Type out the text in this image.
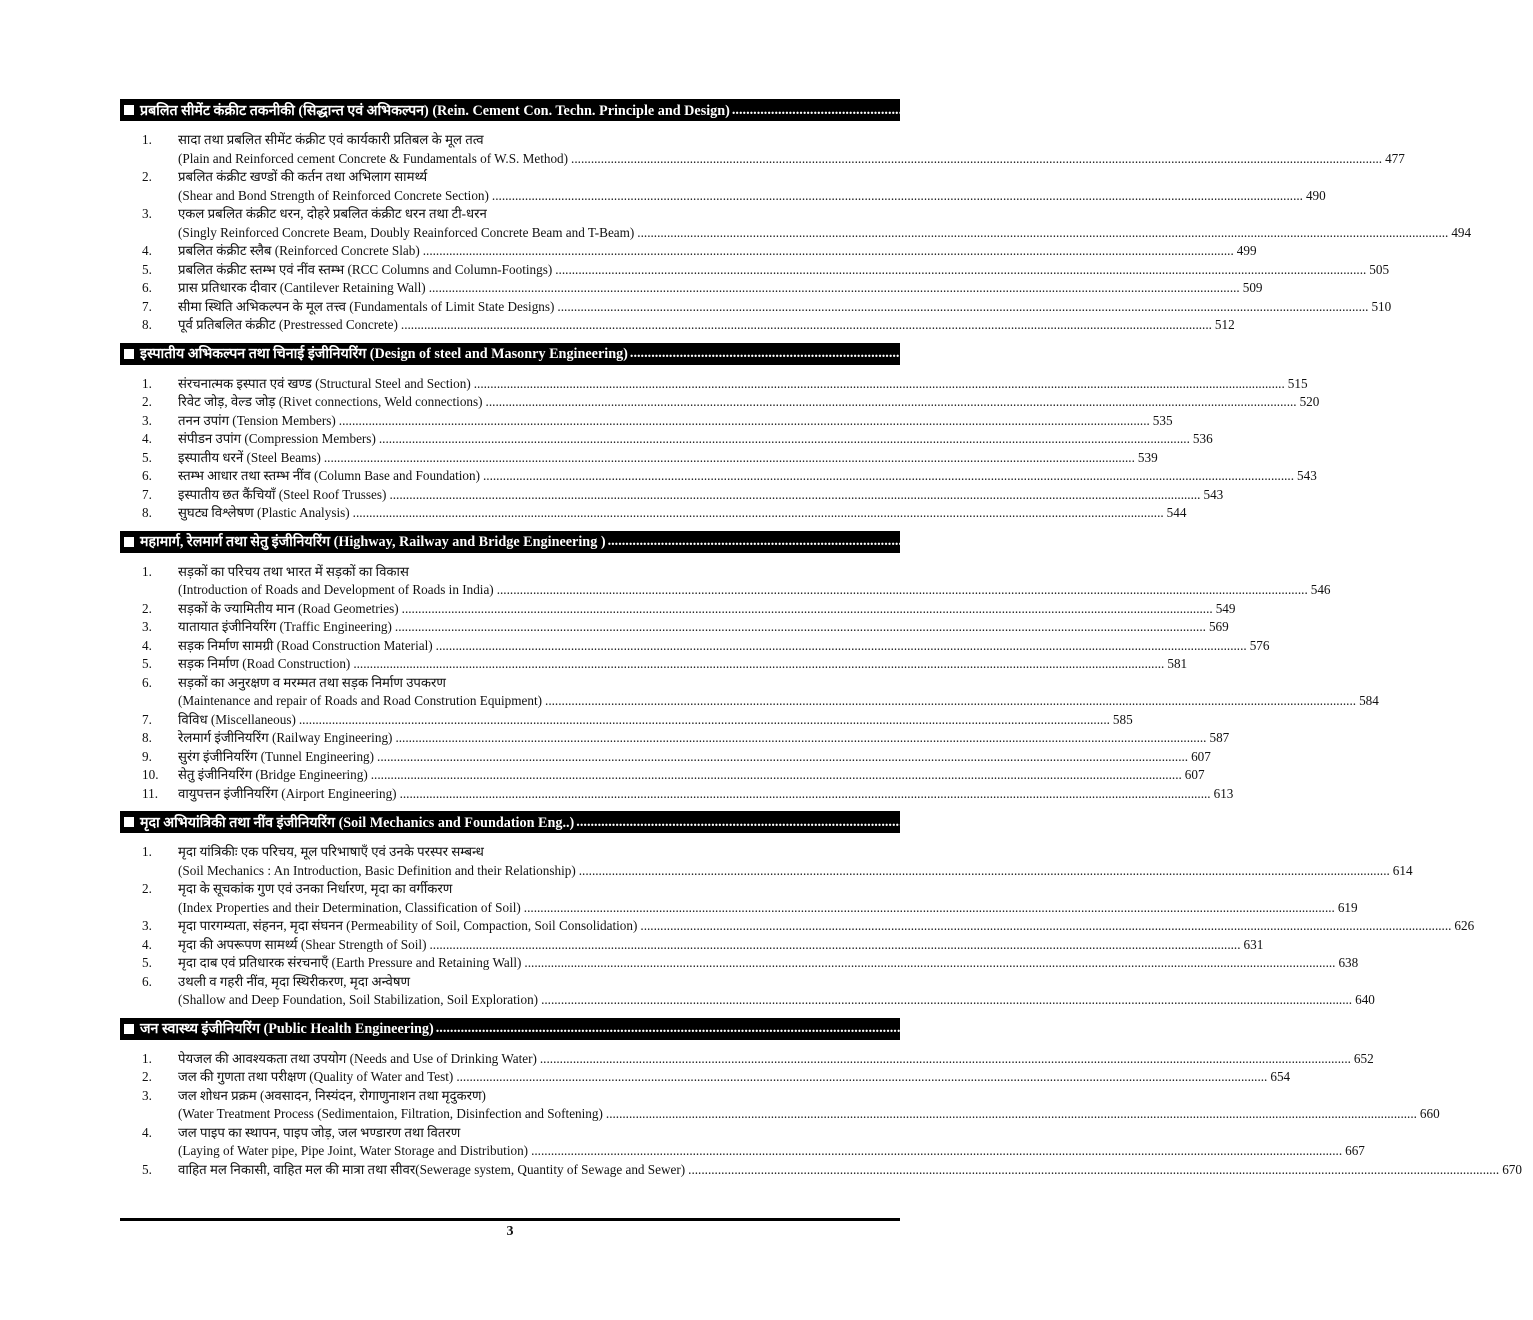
प्रबलित सीमेंट कंक्रीट तकनीकी (सिद्धान्त एवं अभिकल्पन) (Rein. Cement Con. Techn. Principle and Design) .....	477-514
1.	सादा तथा प्रबलित सीमेंट कंक्रीट एवं कार्यकारी प्रतिबल के मूल तत्व
(Plain and Reinforced cement Concrete & Fundamentals of W.S. Method) .....	477
2.	प्रबलित कंक्रीट खण्डों की कर्तन तथा अभिलाग सामर्थ्य
(Shear and Bond Strength of Reinforced Concrete Section) .....	490
3.	एकल प्रबलित कंक्रीट धरन, दोहरे प्रबलित कंक्रीट धरन तथा टी-धरन
(Singly Reinforced Concrete Beam, Doubly Reainforced Concrete Beam and T-Beam) .....	494
4.	प्रबलित कंक्रीट स्लैब (Reinforced Concrete Slab) .....	499
5.	प्रबलित कंक्रीट स्तम्भ एवं नींव स्तम्भ (RCC Columns and Column-Footings) .....	505
6.	प्रास प्रतिधारक दीवार (Cantilever Retaining Wall) .....	509
7.	सीमा स्थिति अभिकल्पन के मूल तत्त्व (Fundamentals of Limit State Designs) .....	510
8.	पूर्व प्रतिबलित कंक्रीट (Prestressed Concrete) .....	512
इस्पातीय अभिकल्पन तथा चिनाई इंजीनियरिंग (Design of steel and Masonry Engineering) .....	515-545
1.	संरचनात्मक इस्पात एवं खण्ड (Structural Steel and Section) .....	515
2.	रिवेट जोड़, वेल्ड जोड़ (Rivet connections, Weld connections) .....	520
3.	तनन उपांग (Tension Members) .....	535
4.	संपीडन उपांग (Compression Members) .....	536
5.	इस्पातीय धरनें (Steel Beams) .....	539
6.	स्तम्भ आधार तथा स्तम्भ नींव (Column Base and Foundation) .....	543
7.	इस्पातीय छत कैंचियाँ (Steel Roof Trusses) .....	543
8.	सुघट्य विश्लेषण (Plastic Analysis) .....	544
महामार्ग, रेलमार्ग तथा सेतु इंजीनियरिंग (Highway, Railway and Bridge Engineering ) .....	546-613
1.	सड़कों का परिचय तथा भारत में सड़कों का विकास
(Introduction of Roads and Development of Roads in India) .....	546
2.	सड़कों के ज्यामितीय मान (Road Geometries) .....	549
3.	यातायात इंजीनियरिंग (Traffic Engineering) .....	569
4.	सड़क निर्माण सामग्री (Road Construction Material) .....	576
5.	सड़क निर्माण (Road Construction) .....	581
6.	सड़कों का अनुरक्षण व मरम्मत तथा सड़क निर्माण उपकरण
(Maintenance and repair of Roads and Road Constrution Equipment) .....	584
7.	विविध (Miscellaneous) .....	585
8.	रेलमार्ग इंजीनियरिंग (Railway Engineering) .....	587
9.	सुरंग इंजीनियरिंग (Tunnel Engineering) .....	607
10.	सेतु इंजीनियरिंग (Bridge Engineering) .....	607
11.	वायुपत्तन इंजीनियरिंग (Airport Engineering) .....	613
मृदा अभियांत्रिकी तथा नींव इंजीनियरिंग (Soil Mechanics and Foundation Eng..) .....	614-651
1.	मृदा यांत्रिकीः एक परिचय, मूल परिभाषाएँ एवं उनके परस्पर सम्बन्ध
(Soil Mechanics : An Introduction, Basic Definition and their Relationship) .....	614
2.	मृदा के सूचकांक गुण एवं उनका निर्धारण, मृदा का वर्गीकरण
(Index Properties and their Determination, Classification of Soil) .....	619
3.	मृदा पारगम्यता, संहनन, मृदा संघनन (Permeability of Soil, Compaction, Soil Consolidation) .....	626
4.	मृदा की अपरूपण सामर्थ्य (Shear Strength of Soil) .....	631
5.	मृदा दाब एवं प्रतिधारक संरचनाएँ (Earth Pressure and Retaining Wall) .....	638
6.	उथली व गहरी नींव, मृदा स्थिरीकरण, मृदा अन्वेषण
(Shallow and Deep Foundation, Soil Stabilization, Soil Exploration) .....	640
जन स्वास्थ्य इंजीनियरिंग (Public Health Engineering) .....	652-699
1.	पेयजल की आवश्यकता तथा उपयोग (Needs and Use of Drinking Water) .....	652
2.	जल की गुणता तथा परीक्षण (Quality of Water and Test) .....	654
3.	जल शोधन प्रक्रम (अवसादन, निस्यंदन, रोगाणुनाशन तथा मृदुकरण)
(Water Treatment Process (Sedimentaion, Filtration, Disinfection and Softening) .....	660
4.	जल पाइप का स्थापन, पाइप जोड़, जल भण्डारण तथा वितरण
(Laying of Water pipe, Pipe Joint, Water Storage and Distribution) .....	667
5.	वाहित मल निकासी, वाहित मल की मात्रा तथा सीवर(Sewerage system, Quantity of Sewage and Sewer) .....	670
3
